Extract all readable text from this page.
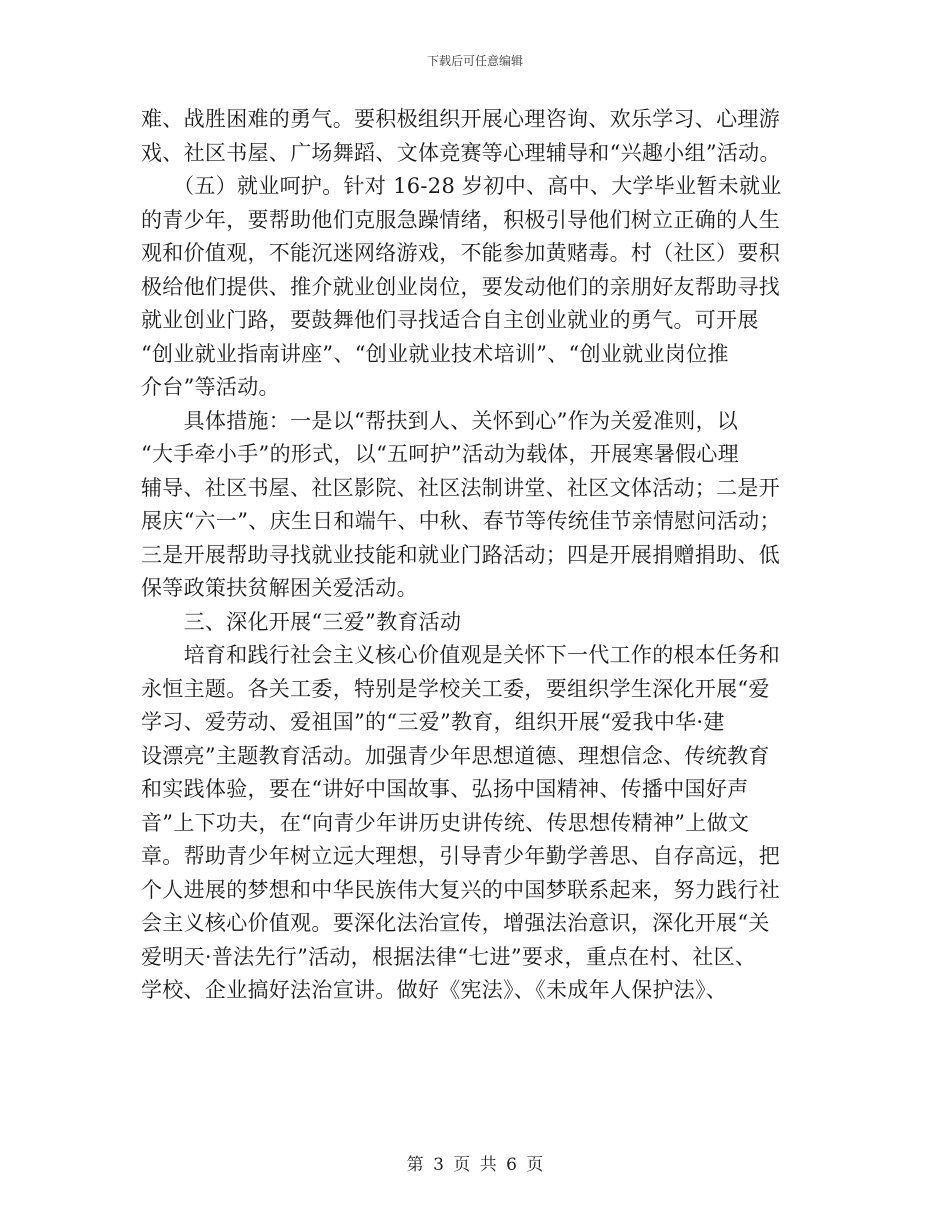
下载后可任意编辑
难、战胜困难的勇气。要积极组织开展心理咨询、欢乐学习、心理游
戏、社区书屋、广场舞蹈、文体竞赛等心理辅导和“兴趣小组”活动。
　　（五）就业呵护。针对 16-28 岁初中、高中、大学毕业暂未就业
的青少年，要帮助他们克服急躁情绪，积极引导他们树立正确的人生
观和价值观，不能沉迷网络游戏，不能参加黄赌毒。村（社区）要积
极给他们提供、推介就业创业岗位，要发动他们的亲朋好友帮助寻找
就业创业门路，要鼓舞他们寻找适合自主创业就业的勇气。可开展
“创业就业指南讲座”、“创业就业技术培训”、“创业就业岗位推
介台”等活动。
　　具体措施：一是以“帮扶到人、关怀到心”作为关爱准则，以
“大手牵小手”的形式，以“五呵护”活动为载体，开展寒暑假心理
辅导、社区书屋、社区影院、社区法制讲堂、社区文体活动；二是开
展庆“六一”、庆生日和端午、中秋、春节等传统佳节亲情慰问活动；
三是开展帮助寻找就业技能和就业门路活动；四是开展捐赠捐助、低
保等政策扶贫解困关爱活动。
　　三、深化开展“三爱”教育活动
　　培育和践行社会主义核心价值观是关怀下一代工作的根本任务和
永恒主题。各关工委，特别是学校关工委，要组织学生深化开展“爱
学习、爱劳动、爱祖国”的“三爱”教育，组织开展“爱我中华·建
设漂亮”主题教育活动。加强青少年思想道德、理想信念、传统教育
和实践体验，要在“讲好中国故事、弘扬中国精神、传播中国好声
音”上下功夫，在“向青少年讲历史讲传统、传思想传精神”上做文
章。帮助青少年树立远大理想，引导青少年勤学善思、自存高远，把
个人进展的梦想和中华民族伟大复兴的中国梦联系起来，努力践行社
会主义核心价值观。要深化法治宣传，增强法治意识，深化开展“关
爱明天·普法先行”活动，根据法律“七进”要求，重点在村、社区、
学校、企业搞好法治宣讲。做好《宪法》、《未成年人保护法》、
第 3 页 共 6 页
